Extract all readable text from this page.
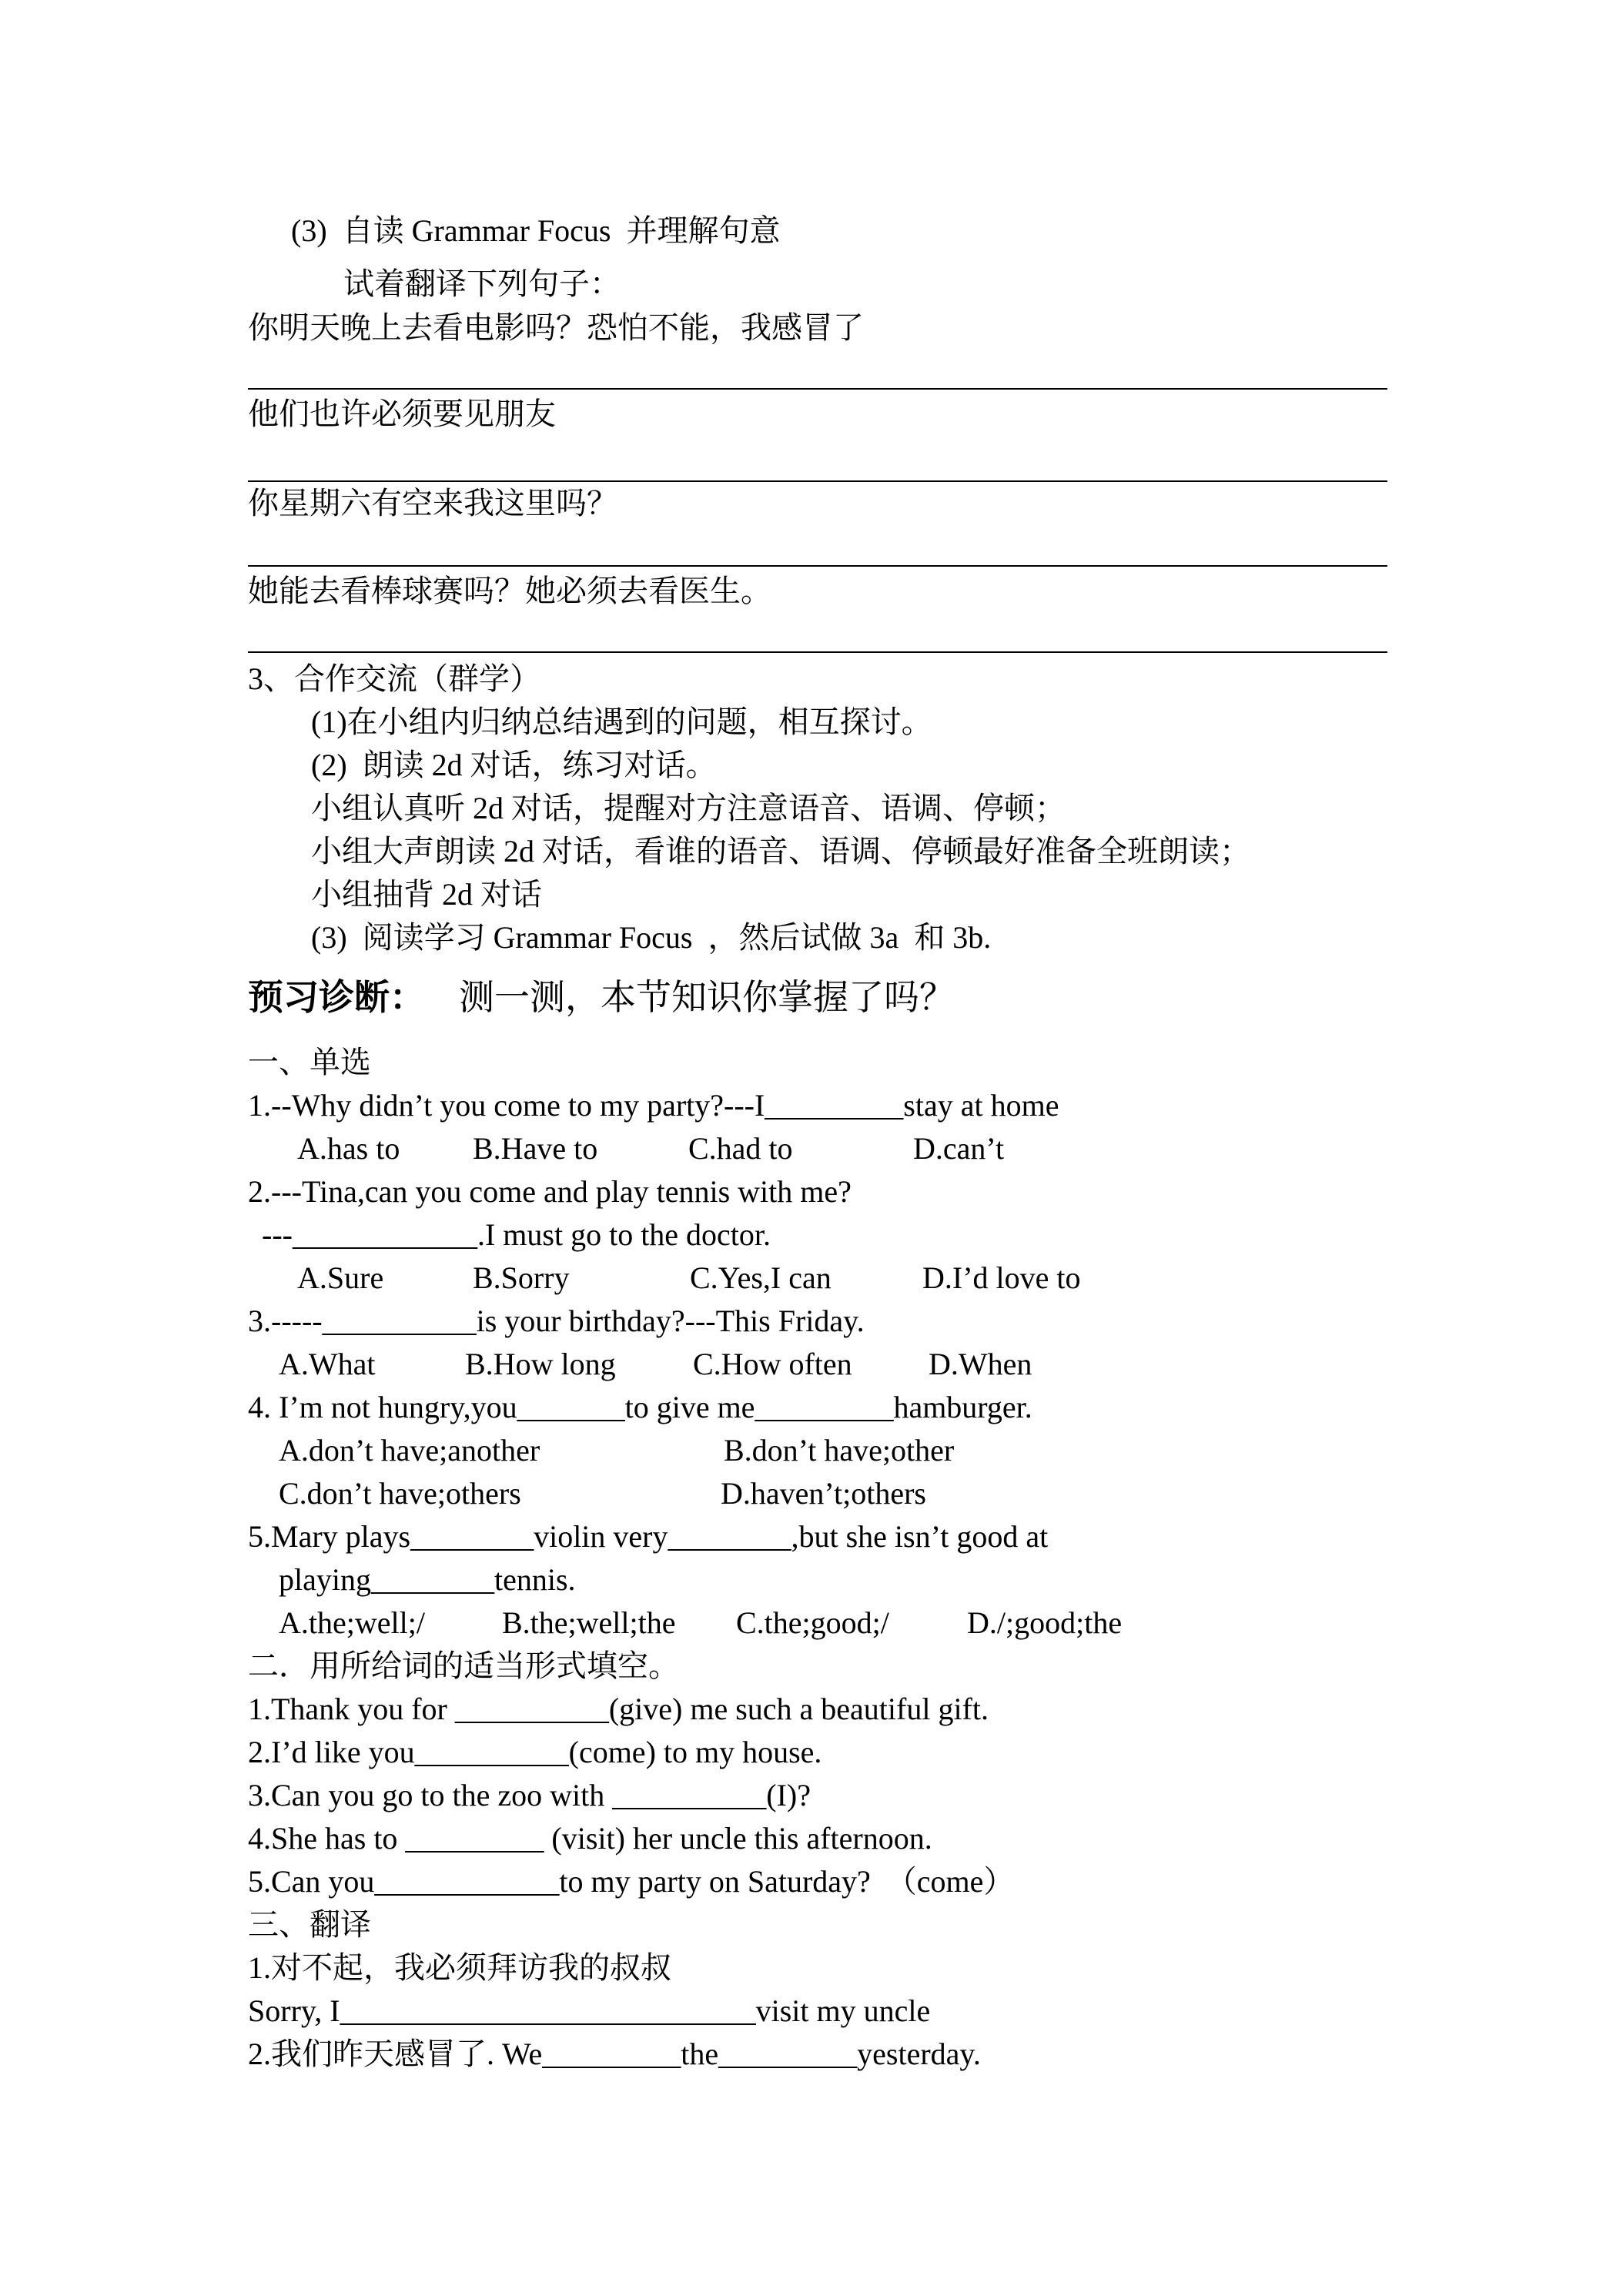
(3)  自读 Grammar Focus  并理解句意

试着翻译下列句子：

你明天晚上去看电影吗？恐怕不能，我感冒了

他们也许必须要见朋友

你星期六有空来我这里吗？

她能去看棒球赛吗？她必须去看医生。

3、合作交流（群学）

(1)在小组内归纳总结遇到的问题，相互探讨。

(2)  朗读 2d 对话，练习对话。

小组认真听 2d 对话，提醒对方注意语音、语调、停顿；

小组大声朗读 2d 对话，看谁的语音、语调、停顿最好准备全班朗读；

小组抽背 2d 对话

(3)  阅读学习 Grammar Focus  ，然后试做 3a  和 3b.

预习诊断： 测一测，本节知识你掌握了吗？

一、单选

1.--Why didn’t you come to my party?---I_________stay at home

A.has to B.Have to	C.had to	D.can’t

2.---Tina,can you come and play tennis with me?

---____________.I must go to the doctor.

A.Sure	B.Sorry	C.Yes,I can	D.I’d love to

3.-----__________is your birthday?---This Friday.

A.What	B.How long	C.How often D.When

4. I’m not hungry,you_______to give me_________hamburger.

A.don’t have;another	B.don’t have;other
C.don’t have;others	D.haven’t;others

5.Mary plays________violin very________,but she isn’t good at

playing________tennis.

A.the;well;/	B.the;well;the C.the;good;/	D./;good;the

二．用所给词的适当形式填空。

1.Thank you for __________(give) me such a beautiful gift.

2.I’d like you__________(come) to my house.

3.Can you go to the zoo with __________(I)?

4.She has to _________ (visit) her uncle this afternoon.

5.Can you____________to my party on Saturday?  （come）

三、翻译

1.对不起，我必须拜访我的叔叔

Sorry, I___________________________visit my uncle

2.我们昨天感冒了. We_________the_________yesterday.
